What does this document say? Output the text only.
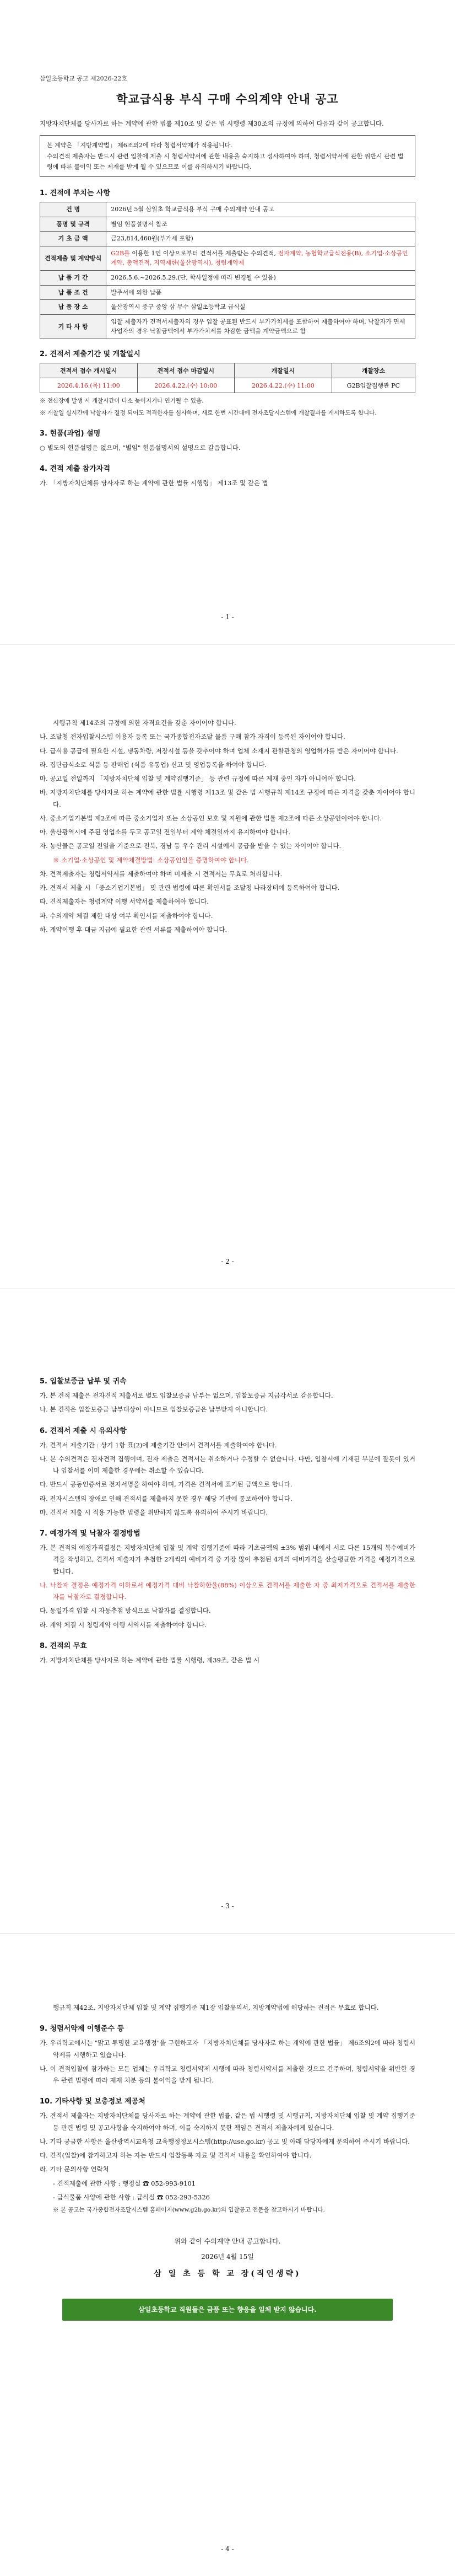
삼일초등학교 공고 제2026-22호
학교급식용 부식 구매 수의계약 안내 공고

지방자치단체를 당사자로 하는 계약에 관한 법률 제10조 및 같은 법 시행령 제30조의 규정에 의하여 다음과 같이 공고합니다.

본 계약은 「지방계약법」 제6조의2에 따라 청렴서약제가 적용됩니다.

수의견적 제출자는 반드시 관련 입찰에 제출 시 청렴서약서에 관한 내용을 숙지하고 성사하여야 하며, 청렴서약서에 관한 위반시 관련 법령에 따른 불이익 또는 제재를 받게 될 수 있으므로 이를 유의하시기 바랍니다.

1. 견적에 부치는 사항
건 명	2026년 5월 삼일초 학교급식용 부식 구매 수의계약 안내 공고
품명 및 규격	별임 현품설명서 참조
기 초 금 액	금23,814,460원(부가세 포함)
견적제출 및 계약방식	G2B를 이용한 1인 이상으로부터 견적서를 제출받는 수의견적, 전자계약, 농협학교급식전용(B), 소기업·소상공인 계약, 총액견적, 지역제한(울산광역시), 청렴계약제
납 품 기 간	2026.5.6.~2026.5.29.(단, 학사일정에 따라 변경될 수 있음)
납 품 조 건	발주서에 의한 납품
납 품 장 소	울산광역시 중구 중앙 삼 무수 삼일초등학교 급식실
기 타 사 항	입찰 제출자가 견적서제출자의 경우 입찰 공표된 반드시 부가가치세를 포함하여 제출하여야 하며, 낙찰자가 면세사업자의 경우 낙찰금액에서 부가가치세를 차감한 금액을 계약금액으로 함
2. 견적서 제출기간 및 개찰일시
견적서 접수 개시일시	견적서 접수 마감일시	개찰일시	개찰장소
2026.4.16.(목) 11:00	2026.4.22.(수) 10:00	2026.4.22.(수) 11:00	G2B입찰집행관 PC

※ 전산장애 발생 시 개찰시간이 다소 늦어지거나 연기될 수 있음.

※ 개찰일 실시간에 낙찰자가 결정 되어도 적격한자를 심사하며, 새로 한번 시간대에 전자조달시스템에 개찰결과를 게시하도록 합니다.

3. 현품(과업) 설명

○ 별도의 현품설명은 없으며, "별임" 현품설명서의 설명으로 갈음합니다.

4. 견적 제출 참가자격

가. 「지방자치단체를 당사자로 하는 계약에 관한 법률 시행령」 제13조 및 같은 법

- 1 -

시행규칙 제14조의 규정에 의한 자격요건을 갖춘 자이어야 합니다.

나. 조달청 전자입찰시스템 이용자 등록 또는 국가종합전자조달 물품 구매 참가 자격이 등록된 자이어야 합니다.

다. 급식용 공급에 필요한 시설, 냉동차량, 저장시설 등을 갖추어야 하며 업체 소재지 관할관청의 영업허가를 받은 자이어야 합니다.

라. 집단급식소로 식품 등 판매업 (식품 유통업) 신고 및 영업등록을 하여야 합니다.

마. 공고일 전일까지 「지방자치단체 입찰 및 계약집행기준」 등 관련 규정에 따른 제재 중인 자가 아니어야 합니다.

바. 지방자치단체를 당사자로 하는 계약에 관한 법률 시행령 제13조 및 같은 법 시행규칙 제14조 규정에 따른 자격을 갖춘 자이어야 합니다.

사. 중소기업기본법 제2조에 따른 중소기업자 또는 소상공인 보호 및 지원에 관한 법률 제2조에 따른 소상공인이어야 합니다.

아. 울산광역시에 주된 영업소를 두고 공고일 전일부터 계약 체결일까지 유지하여야 합니다.

자. 농산물은 공고일 전일을 기준으로 전북, 경남 등 우수 관리 시설에서 공급을 받을 수 있는 자이어야 합니다.

※ 소기업·소상공인 및 계약체결방법: 소상공인임을 증명하여야 합니다.

차. 견적제출자는 청렴서약서를 제출하여야 하며 미제출 시 견적서는 무효로 처리합니다.

카. 견적서 제출 시 「중소기업기본법」 및 관련 법령에 따른 확인서를 조달청 나라장터에 등록하여야 합니다.

타. 견적제출자는 청렴계약 이행 서약서를 제출하여야 합니다.

파. 수의계약 체결 제한 대상 여부 확인서를 제출하여야 합니다.

하. 계약이행 후 대금 지급에 필요한 관련 서류를 제출하여야 합니다.

- 2 -
5. 입찰보증금 납부 및 귀속

가. 본 견적 제출은 전자견적 제출서로 별도 입찰보증금 납부는 없으며, 입찰보증금 지급각서로 갈음합니다.

나. 본 견적은 입찰보증금 납부대상이 아니므로 입찰보증금은 납부받지 아니합니다.

6. 견적서 제출 시 유의사항

가. 견적서 제출기간 : 상기 1항 표(2)에 제출기간 안에서 견적서를 제출하여야 합니다.

나. 본 수의견적은 전자견적 집행이며, 전자 제출은 견적서는 취소하거나 수정할 수 없습니다. 다만, 입찰서에 기재된 부분에 잘못이 있거나 입찰서를 이미 제출한 경우에는 취소할 수 있습니다.

다. 반드시 공동인증서로 전자서명을 하여야 하며, 가격은 견적서에 표기된 금액으로 합니다.

라. 전자시스템의 장애로 인해 견적서를 제출하지 못한 경우 해당 기관에 통보하여야 합니다.

마. 견적서 제출 시 적용 가능한 법령을 위반하지 않도록 유의하여 주시기 바랍니다.

7. 예정가격 및 낙찰자 결정방법

가. 본 견적의 예정가격결정은 지방자치단체 입찰 및 계약 집행기준에 따라 기초금액의 ±3% 범위 내에서 서로 다른 15개의 복수예비가격을 작성하고, 견적서 제출자가 추첨한 2개씩의 예비가격 중 가장 많이 추첨된 4개의 예비가격을 산술평균한 가격을 예정가격으로 합니다.

나. 낙찰자 결정은 예정가격 이하로서 예정가격 대비 낙찰하한율(88%) 이상으로 견적서를 제출한 자 중 최저가격으로 견적서를 제출한 자를 낙찰자로 결정합니다.

다. 동일가격 입찰 시 자동추첨 방식으로 낙찰자를 결정합니다.

라. 계약 체결 시 청렴계약 이행 서약서를 제출하여야 합니다.

8. 견적의 무효

가. 지방자치단체를 당사자로 하는 계약에 관한 법률 시행령, 제39조, 같은 법 시

- 3 -

행규칙 제42조, 지방자치단체 입찰 및 계약 집행기준 제1장 입찰유의서, 지방계약법에 해당하는 견적은 무효로 합니다.

9. 청렴서약제 이행준수 등

가. 우리학교에서는 "맑고 투명한 교육행정"을 구현하고자 「지방자치단체를 당사자로 하는 계약에 관한 법률」 제6조의2에 따라 청렴서약제를 시행하고 있습니다.

나. 이 견적입찰에 참가하는 모든 업체는 우리학교 청렴서약제 시행에 따라 청렴서약서를 제출한 것으로 간주하며, 청렴서약을 위반한 경우 관련 법령에 따라 제재 처분 등의 불이익을 받게 됩니다.

10. 기타사항 및 보충정보 제공처

가. 견적서 제출자는 지방자치단체를 당사자로 하는 계약에 관한 법률, 같은 법 시행령 및 시행규칙, 지방자치단체 입찰 및 계약 집행기준 등 관련 법령 및 공고사항을 숙지하여야 하며, 이를 숙지하지 못한 책임은 견적서 제출자에게 있습니다.

나. 기타 궁금한 사항은 울산광역시교육청 교육행정정보시스템(http://use.go.kr) 공고 및 아래 담당자에게 문의하여 주시기 바랍니다.

다. 견적(입찰)에 참가하고자 하는 자는 반드시 입찰등록 자료 및 견적서 내용을 확인하여야 합니다.

라. 기타 문의사항 연락처

- 견적제출에 관한 사항 : 행정실 ☎ 052-993-9101

- 급식물품 사양에 관한 사항 : 급식실 ☎ 052-293-5326

※ 본 공고는 국가종합전자조달시스템 홈페이지(www.g2b.go.kr)의 입찰공고 전문을 참고하시기 바랍니다.

위와 같이 수의계약 안내 공고합니다.
2026년 4월 15일
삼 일 초 등 학 교 장(직인생략)
삼일초등학교 직원들은 금품 또는 향응을 일체 받지 않습니다.
- 4 -
